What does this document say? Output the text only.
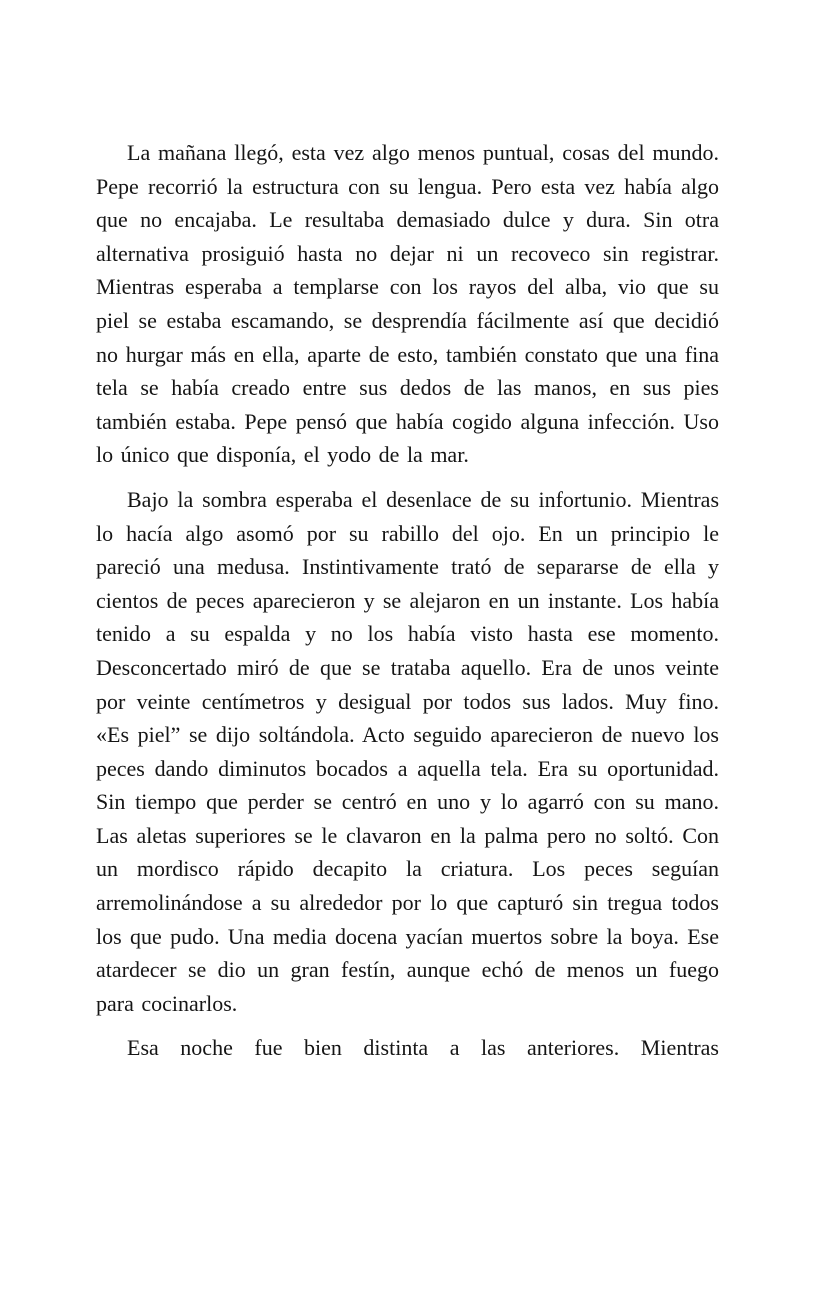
La mañana llegó, esta vez algo menos puntual, cosas del mundo. Pepe recorrió la estructura con su lengua. Pero esta vez había algo que no encajaba. Le resultaba demasiado dulce y dura. Sin otra alternativa prosiguió hasta no dejar ni un recoveco sin registrar. Mientras esperaba a templarse con los rayos del alba, vio que su piel se estaba escamando, se desprendía fácilmente así que decidió no hurgar más en ella, aparte de esto, también constato que una fina tela se había creado entre sus dedos de las manos, en sus pies también estaba. Pepe pensó que había cogido alguna infección. Uso lo único que disponía, el yodo de la mar.

Bajo la sombra esperaba el desenlace de su infortunio. Mientras lo hacía algo asomó por su rabillo del ojo. En un principio le pareció una medusa. Instintivamente trató de separarse de ella y cientos de peces aparecieron y se alejaron en un instante. Los había tenido a su espalda y no los había visto hasta ese momento. Desconcertado miró de que se trataba aquello. Era de unos veinte por veinte centímetros y desigual por todos sus lados. Muy fino. «Es piel” se dijo soltándola. Acto seguido aparecieron de nuevo los peces dando diminutos bocados a aquella tela. Era su oportunidad. Sin tiempo que perder se centró en uno y lo agarró con su mano. Las aletas superiores se le clavaron en la palma pero no soltó. Con un mordisco rápido decapito la criatura. Los peces seguían arremolinándose a su alrededor por lo que capturó sin tregua todos los que pudo. Una media docena yacían muertos sobre la boya. Ese atardecer se dio un gran festín, aunque echó de menos un fuego para cocinarlos.

Esa noche fue bien distinta a las anteriores. Mientras
